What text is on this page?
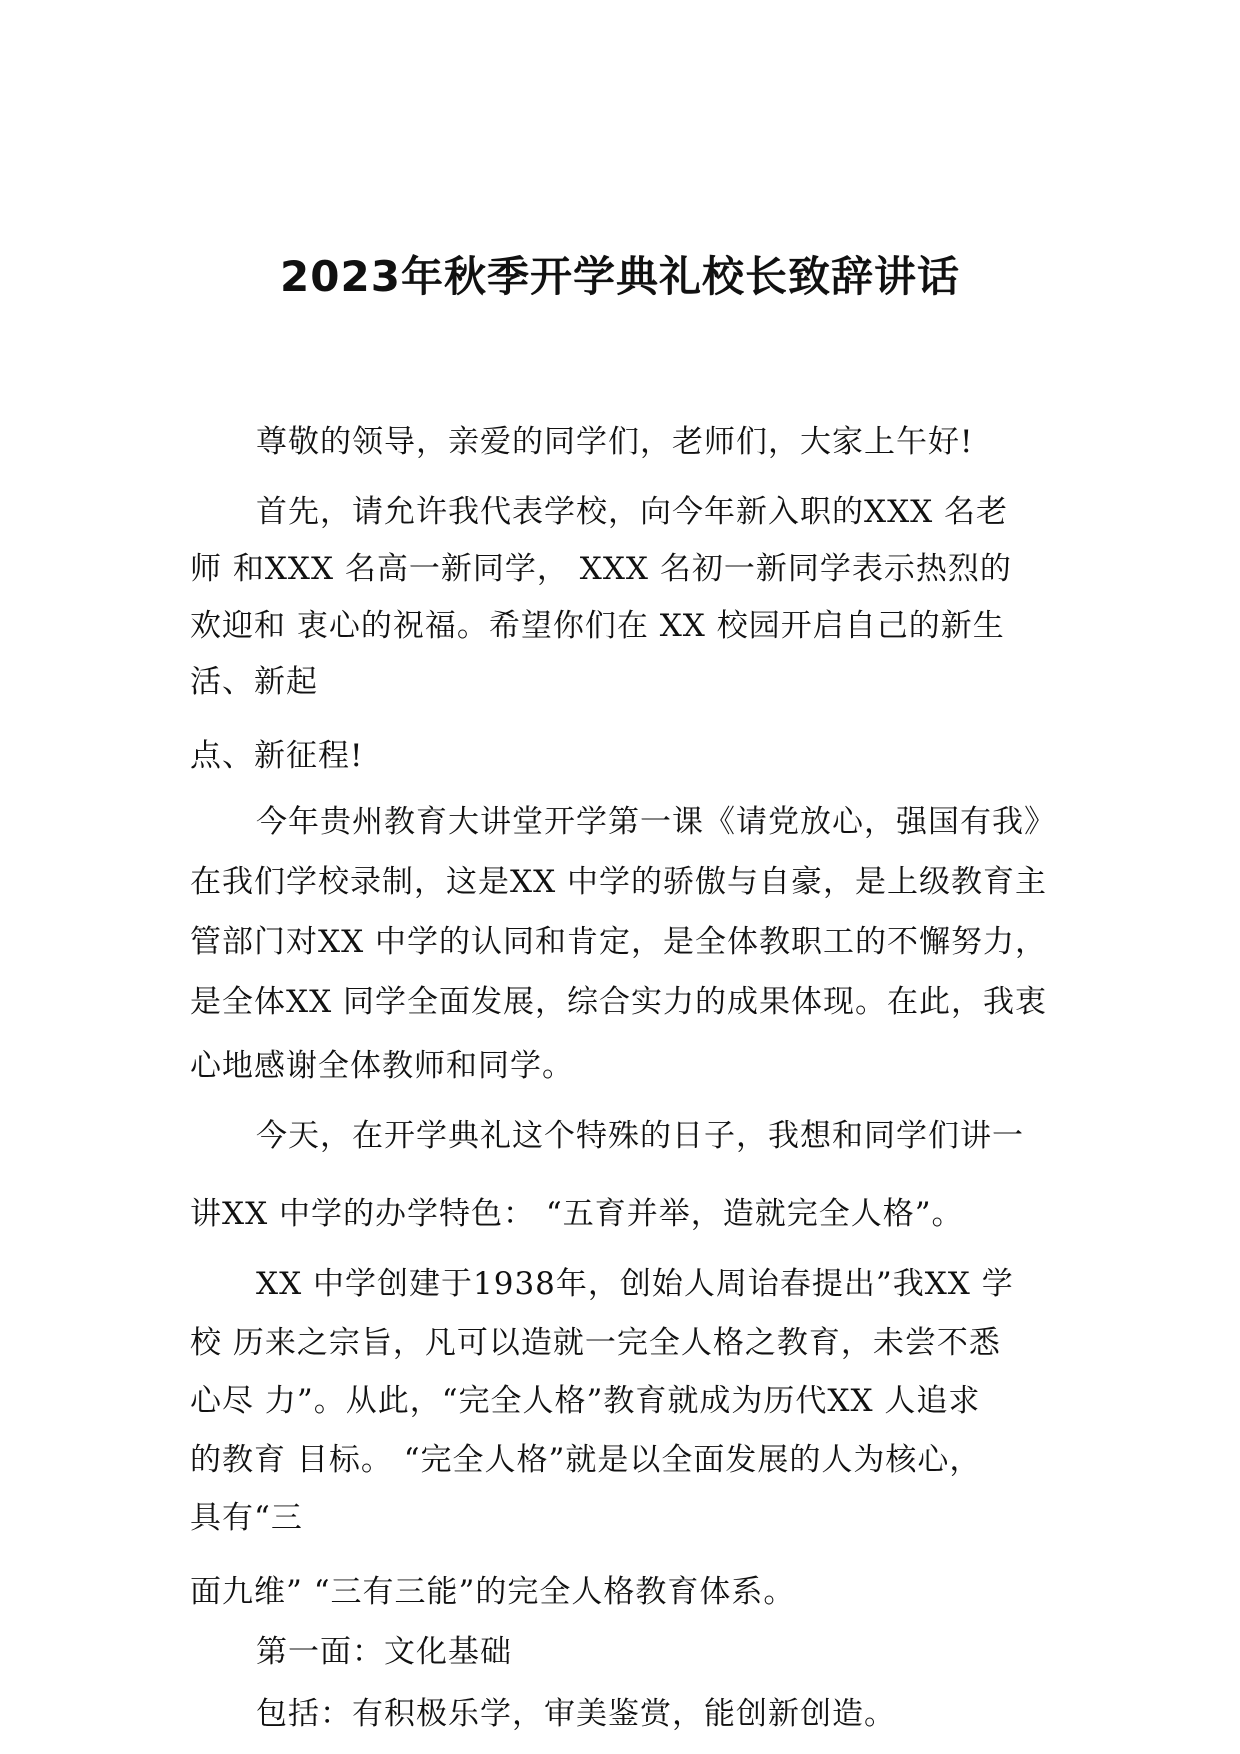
2023年秋季开学典礼校长致辞讲话
尊敬的领导，亲爱的同学们，老师们，大家上午好!
首先，请允许我代表学校，向今年新入职的XXX 名老
师 和XXX 名高一新同学， XXX 名初一新同学表示热烈的
欢迎和 衷心的祝福。希望你们在 XX 校园开启自己的新生
活、新起
点、新征程!
今年贵州教育大讲堂开学第一课《请党放心，强国有我》
在我们学校录制，这是XX 中学的骄傲与自豪，是上级教育主
管部门对XX 中学的认同和肯定，是全体教职工的不懈努力，
是全体XX 同学全面发展，综合实力的成果体现。在此，我衷
心地感谢全体教师和同学。
今天，在开学典礼这个特殊的日子，我想和同学们讲一
讲XX 中学的办学特色： “五育并举，造就完全人格”。
XX 中学创建于1938年，创始人周诒春提出”我XX 学
校 历来之宗旨，凡可以造就一完全人格之教育，未尝不悉
心尽 力”。从此，“完全人格”教育就成为历代XX 人追求
的教育 目标。 “完全人格”就是以全面发展的人为核心，
具有“三
面九维” “三有三能”的完全人格教育体系。
第一面：文化基础
包括：有积极乐学，审美鉴赏，能创新创造。
